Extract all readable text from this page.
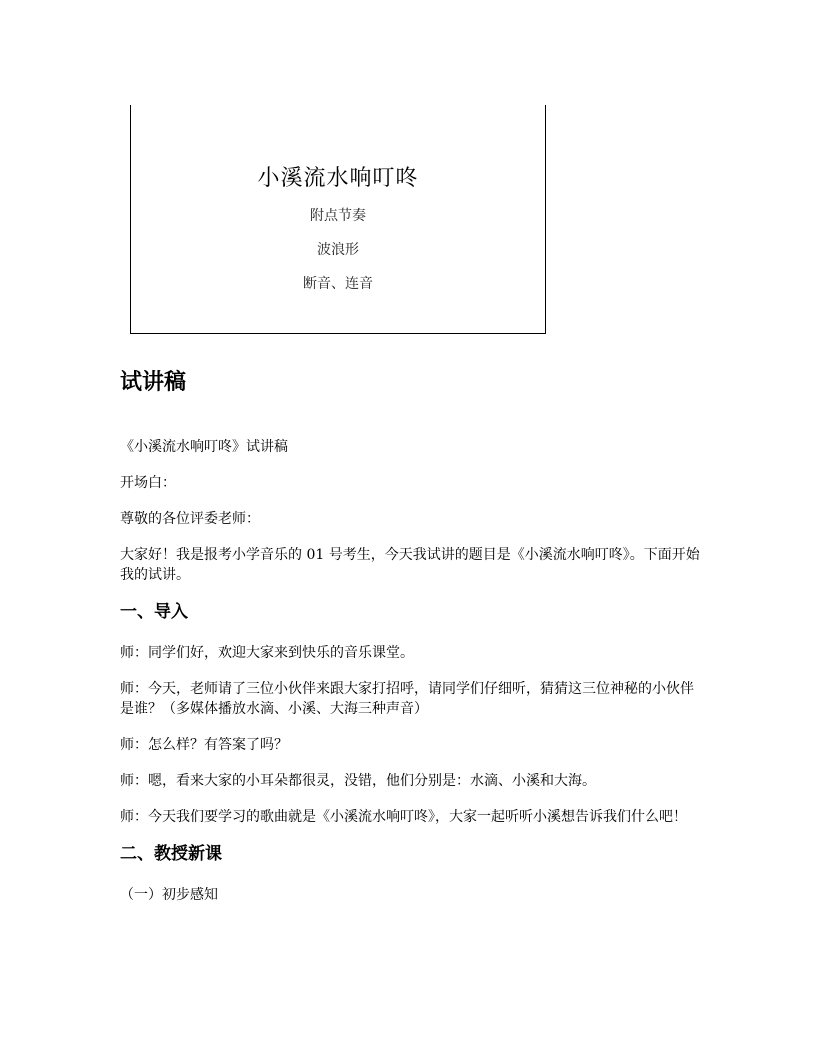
小溪流水响叮咚
附点节奏
波浪形
断音、连音
试讲稿

《小溪流水响叮咚》试讲稿

开场白：

尊敬的各位评委老师：

大家好！我是报考小学音乐的 01 号考生，今天我试讲的题目是《小溪流水响叮咚》。下面开始我的试讲。

一、导入

师：同学们好，欢迎大家来到快乐的音乐课堂。

师：今天，老师请了三位小伙伴来跟大家打招呼，请同学们仔细听，猜猜这三位神秘的小伙伴是谁？（多媒体播放水滴、小溪、大海三种声音）

师：怎么样？有答案了吗？

师：嗯，看来大家的小耳朵都很灵，没错，他们分别是：水滴、小溪和大海。

师：今天我们要学习的歌曲就是《小溪流水响叮咚》，大家一起听听小溪想告诉我们什么吧！

二、教授新课

（一）初步感知
